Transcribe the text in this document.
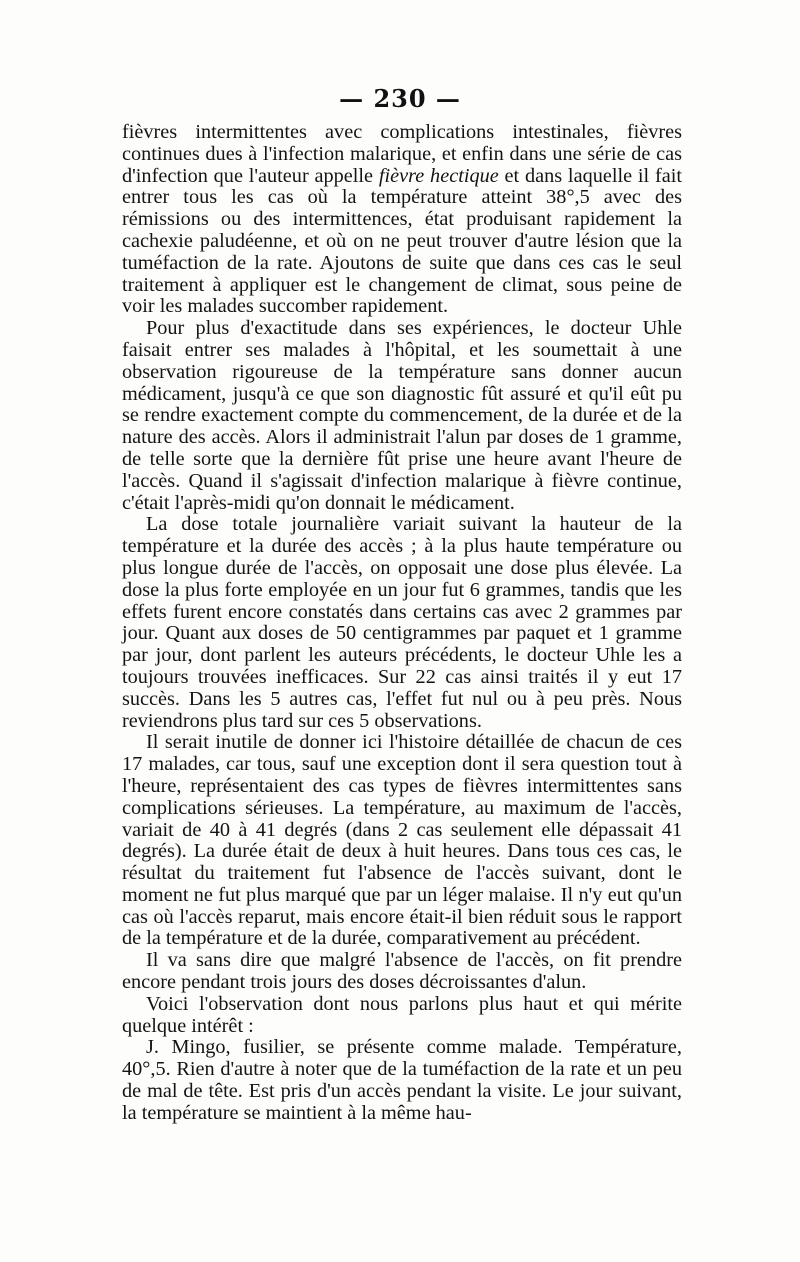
— 230 —

fièvres intermittentes avec complications intestinales, fièvres continues dues à l'infection malarique, et enfin dans une série de cas d'infection que l'auteur appelle fièvre hectique et dans laquelle il fait entrer tous les cas où la température atteint 38°,5 avec des rémissions ou des intermittences, état produisant rapidement la cachexie paludéenne, et où on ne peut trouver d'autre lésion que la tuméfaction de la rate. Ajoutons de suite que dans ces cas le seul traitement à appliquer est le changement de climat, sous peine de voir les malades succomber rapidement.

Pour plus d'exactitude dans ses expériences, le docteur Uhle faisait entrer ses malades à l'hôpital, et les soumettait à une observation rigoureuse de la température sans donner aucun médicament, jusqu'à ce que son diagnostic fût assuré et qu'il eût pu se rendre exactement compte du commencement, de la durée et de la nature des accès. Alors il administrait l'alun par doses de 1 gramme, de telle sorte que la dernière fût prise une heure avant l'heure de l'accès. Quand il s'agissait d'infection malarique à fièvre continue, c'était l'après-midi qu'on donnait le médicament.

La dose totale journalière variait suivant la hauteur de la température et la durée des accès ; à la plus haute température ou plus longue durée de l'accès, on opposait une dose plus élevée. La dose la plus forte employée en un jour fut 6 grammes, tandis que les effets furent encore constatés dans certains cas avec 2 grammes par jour. Quant aux doses de 50 centigrammes par paquet et 1 gramme par jour, dont parlent les auteurs précédents, le docteur Uhle les a toujours trouvées inefficaces. Sur 22 cas ainsi traités il y eut 17 succès. Dans les 5 autres cas, l'effet fut nul ou à peu près. Nous reviendrons plus tard sur ces 5 observations.

Il serait inutile de donner ici l'histoire détaillée de chacun de ces 17 malades, car tous, sauf une exception dont il sera question tout à l'heure, représentaient des cas types de fièvres intermittentes sans complications sérieuses. La température, au maximum de l'accès, variait de 40 à 41 degrés (dans 2 cas seulement elle dépassait 41 degrés). La durée était de deux à huit heures. Dans tous ces cas, le résultat du traitement fut l'absence de l'accès suivant, dont le moment ne fut plus marqué que par un léger malaise. Il n'y eut qu'un cas où l'accès reparut, mais encore était-il bien réduit sous le rapport de la température et de la durée, comparativement au précédent.

Il va sans dire que malgré l'absence de l'accès, on fit prendre encore pendant trois jours des doses décroissantes d'alun.

Voici l'observation dont nous parlons plus haut et qui mérite quelque intérêt :

J. Mingo, fusilier, se présente comme malade. Température, 40°,5. Rien d'autre à noter que de la tuméfaction de la rate et un peu de mal de tête. Est pris d'un accès pendant la visite. Le jour suivant, la température se maintient à la même hau-
